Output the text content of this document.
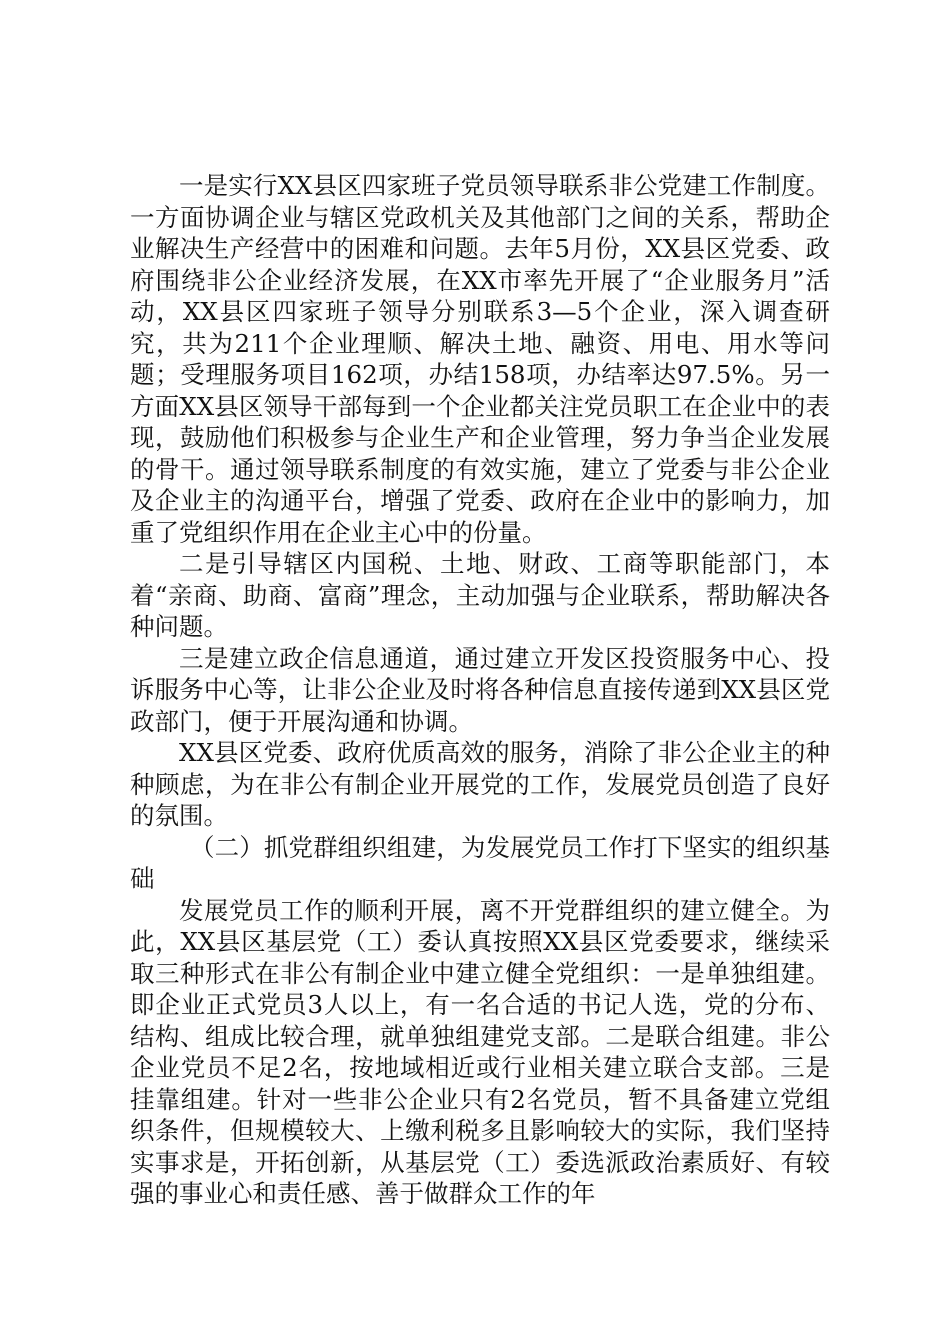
一是实行XX县区四家班子党员领导联系非公党建工作制度。一方面协调企业与辖区党政机关及其他部门之间的关系，帮助企业解决生产经营中的困难和问题。去年5月份，XX县区党委、政府围绕非公企业经济发展，在XX市率先开展了“企业服务月”活动，XX县区四家班子领导分别联系3—5个企业，深入调查研究，共为211个企业理顺、解决土地、融资、用电、用水等问题；受理服务项目162项，办结158项，办结率达97.5%。另一方面XX县区领导干部每到一个企业都关注党员职工在企业中的表现，鼓励他们积极参与企业生产和企业管理，努力争当企业发展的骨干。通过领导联系制度的有效实施，建立了党委与非公企业及企业主的沟通平台，增强了党委、政府在企业中的影响力，加重了党组织作用在企业主心中的份量。

二是引导辖区内国税、土地、财政、工商等职能部门，本着“亲商、助商、富商”理念，主动加强与企业联系，帮助解决各种问题。

三是建立政企信息通道，通过建立开发区投资服务中心、投诉服务中心等，让非公企业及时将各种信息直接传递到XX县区党政部门，便于开展沟通和协调。

XX县区党委、政府优质高效的服务，消除了非公企业主的种种顾虑，为在非公有制企业开展党的工作，发展党员创造了良好的氛围。

（二）抓党群组织组建，为发展党员工作打下坚实的组织基础

发展党员工作的顺利开展，离不开党群组织的建立健全。为此，XX县区基层党（工）委认真按照XX县区党委要求，继续采取三种形式在非公有制企业中建立健全党组织：一是单独组建。即企业正式党员3人以上，有一名合适的书记人选，党的分布、结构、组成比较合理，就单独组建党支部。二是联合组建。非公企业党员不足2名，按地域相近或行业相关建立联合支部。三是挂靠组建。针对一些非公企业只有2名党员，暂不具备建立党组织条件，但规模较大、上缴利税多且影响较大的实际，我们坚持实事求是，开拓创新，从基层党（工）委选派政治素质好、有较强的事业心和责任感、善于做群众工作的年
